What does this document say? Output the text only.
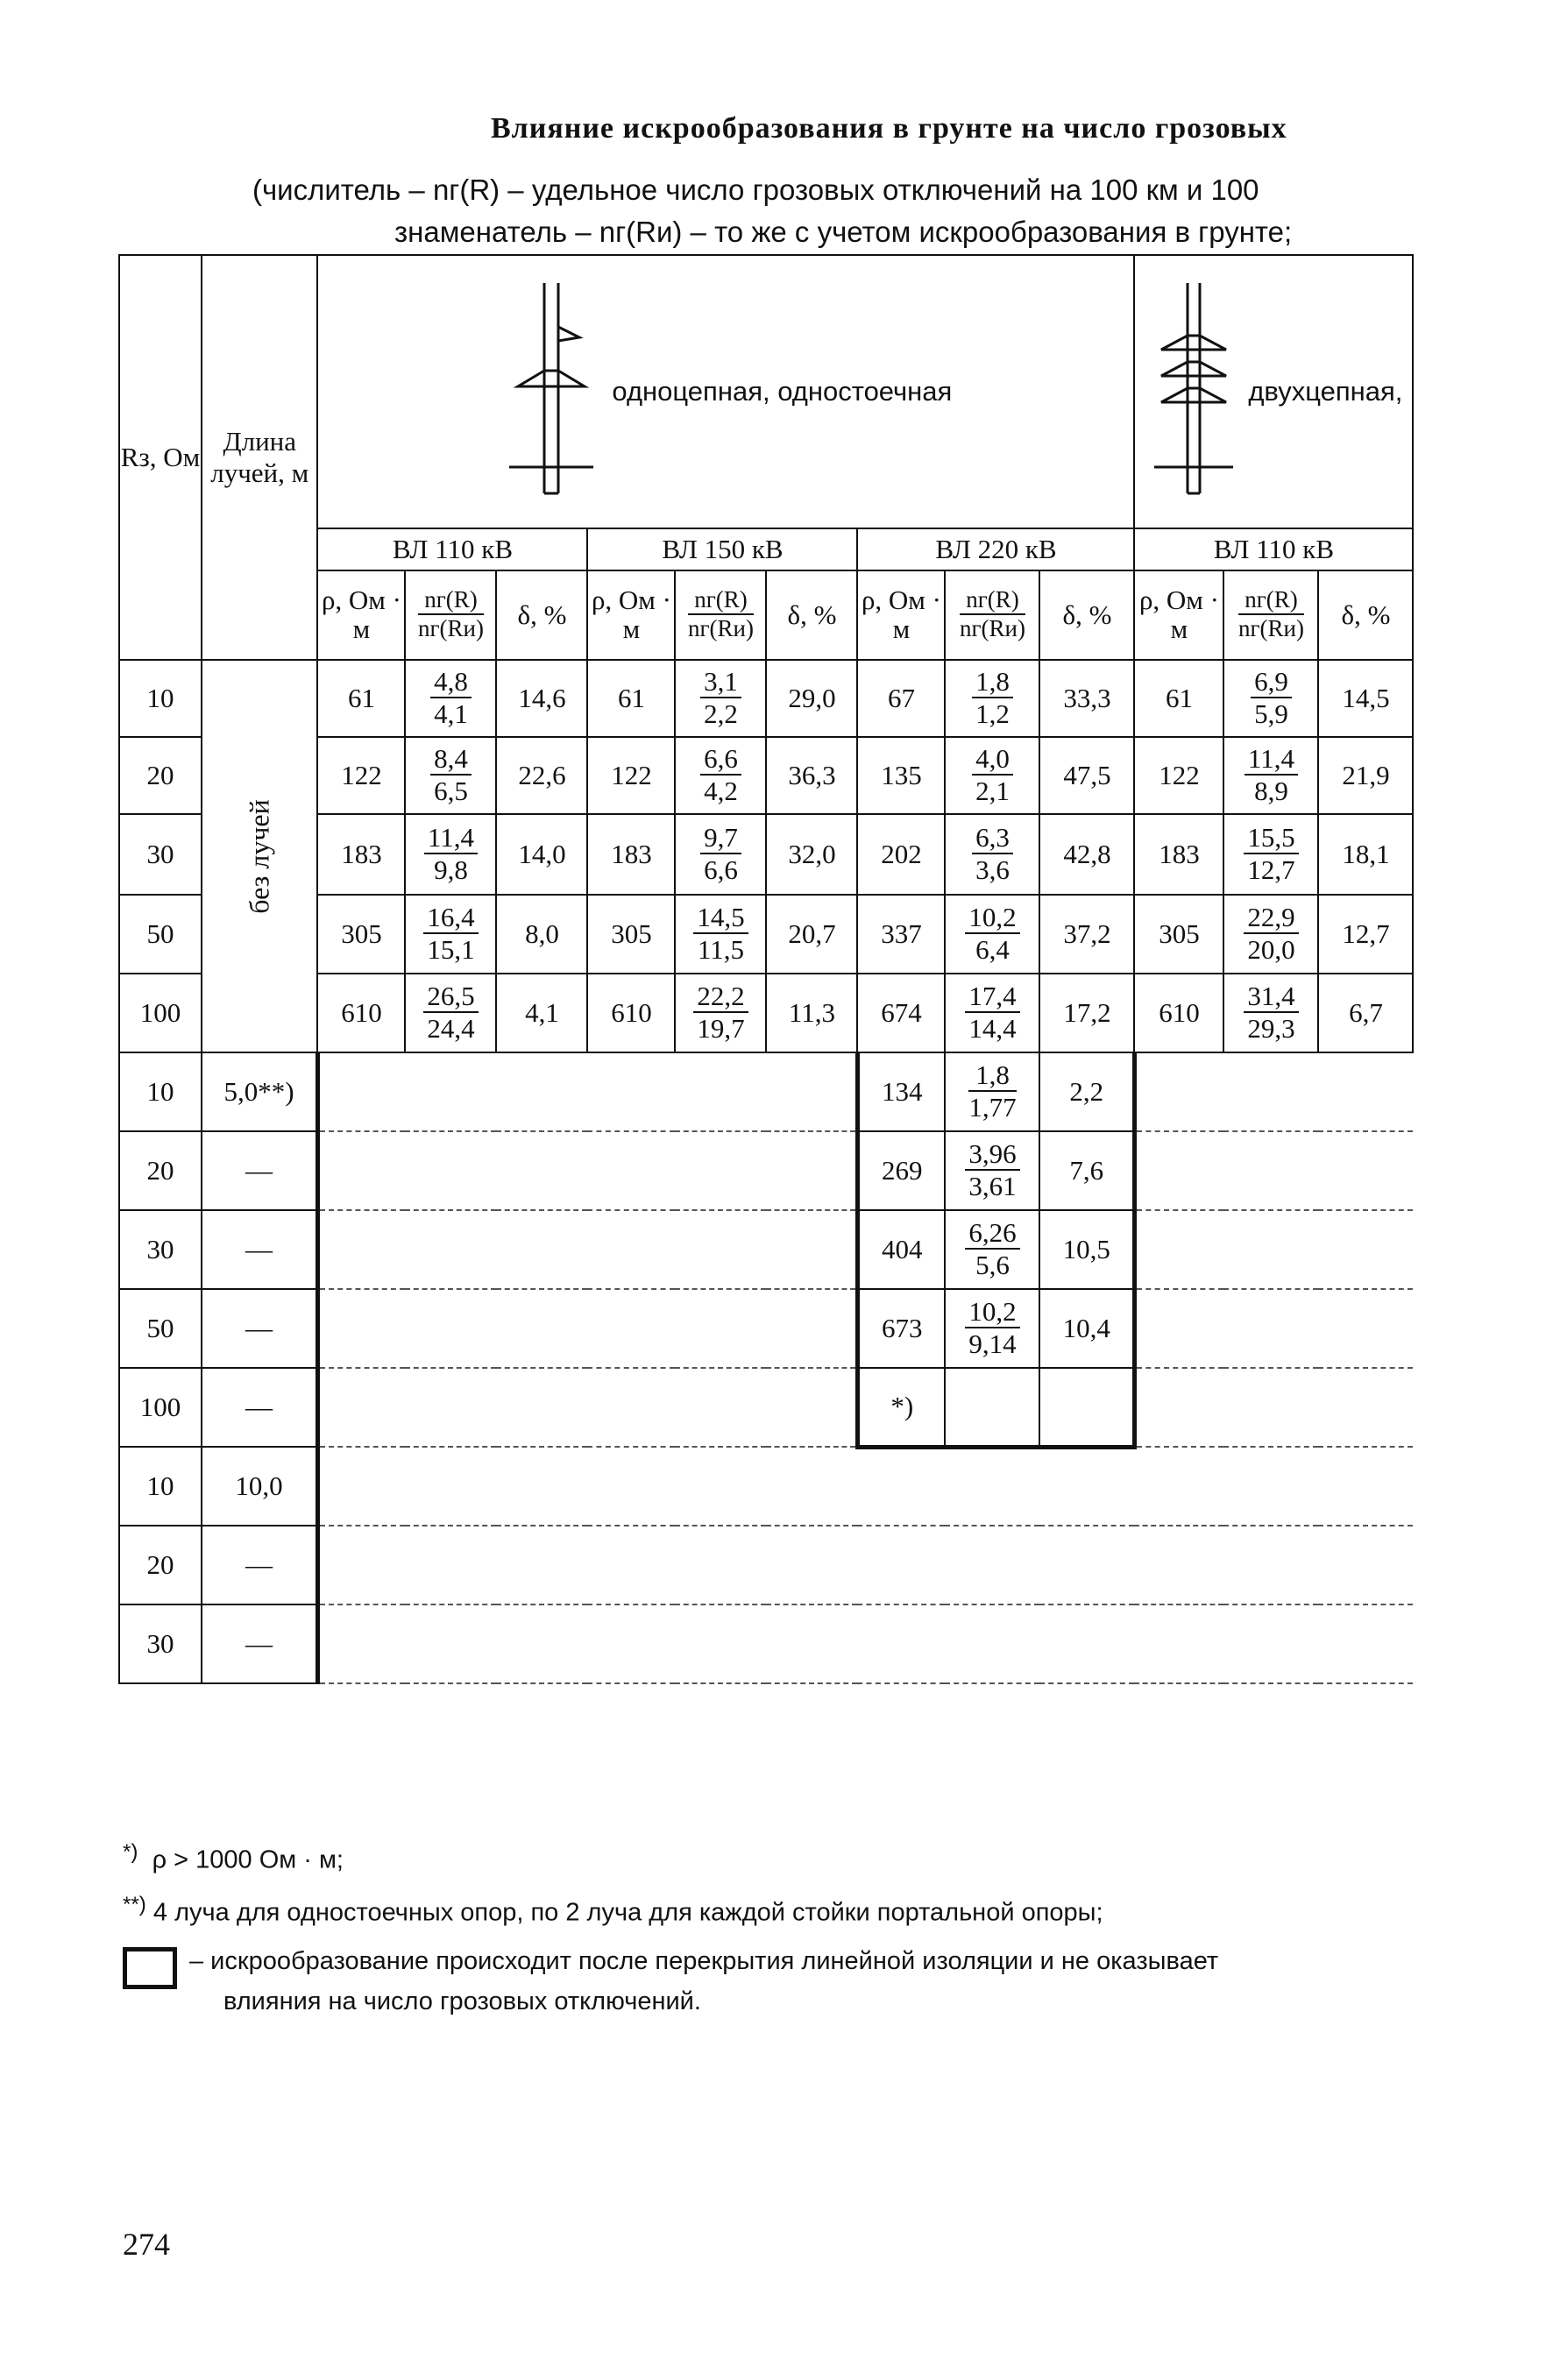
Влияние искрообразования в грунте на число грозовых
(числитель – nг(R) – удельное число грозовых отключений на 100 км и 100
знаменатель – nг(Rи) – то же с учетом искрообразования в грунте;
Rз, Ом	Длина лучей, м	одноцепная, одностоечная									двухцепная,		
		ВЛ 110 кВ			ВЛ 150 кВ			ВЛ 220 кВ			ВЛ 110 кВ		
		ρ, Ом · м	$\frac{nг(R)}{nг(Rи)}$	δ, %	ρ, Ом · м	$\frac{nг(R)}{nг(Rи)}$	δ, %	ρ, Ом · м	$\frac{nг(R)}{nг(Rи)}$	δ, %	ρ, Ом · м	$\frac{nг(R)}{nг(Rи)}$	δ, %
10	без лучей	61	$\frac{4,8}{4,1}$	14,6	61	$\frac{3,1}{2,2}$	29,0	67	$\frac{1,8}{1,2}$	33,3	61	$\frac{6,9}{5,9}$	14,5
20		122	$\frac{8,4}{6,5}$	22,6	122	$\frac{6,6}{4,2}$	36,3	135	$\frac{4,0}{2,1}$	47,5	122	$\frac{11,4}{8,9}$	21,9
30		183	$\frac{11,4}{9,8}$	14,0	183	$\frac{9,7}{6,6}$	32,0	202	$\frac{6,3}{3,6}$	42,8	183	$\frac{15,5}{12,7}$	18,1
50		305	$\frac{16,4}{15,1}$	8,0	305	$\frac{14,5}{11,5}$	20,7	337	$\frac{10,2}{6,4}$	37,2	305	$\frac{22,9}{20,0}$	12,7
100		610	$\frac{26,5}{24,4}$	4,1	610	$\frac{22,2}{19,7}$	11,3	674	$\frac{17,4}{14,4}$	17,2	610	$\frac{31,4}{29,3}$	6,7
10	5,0**)							134	$\frac{1,8}{1,77}$	2,2			
20	—							269	$\frac{3,96}{3,61}$	7,6			
30	—							404	$\frac{6,26}{5,6}$	10,5			
50	—							673	$\frac{10,2}{9,14}$	10,4			
100	—							*)					
10	10,0												
20	—												
30	—												
*) ρ > 1000 Ом · м;
**) 4 луча для одностоечных опор, по 2 луча для каждой стойки портальной опоры;
– искрообразование происходит после перекрытия линейной изоляции и не оказывает
влияния на число грозовых отключений.
274
